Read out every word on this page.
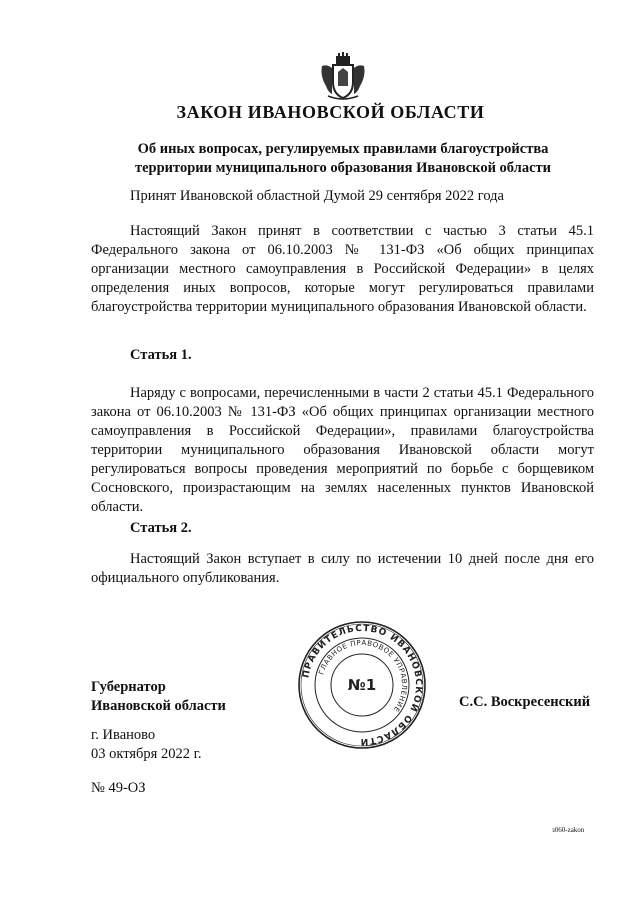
ЗАКОН ИВАНОВСКОЙ ОБЛАСТИ
Об иных вопросах, регулируемых правилами благоустройства
территории муниципального образования Ивановской области
Принят Ивановской областной Думой 29 сентября 2022 года

Настоящий Закон принят в соответствии с частью 3 статьи 45.1 Федерального закона от 06.10.2003 № 131-ФЗ «Об общих принципах организации местного самоуправления в Российской Федерации» в целях определения иных вопросов, которые могут регулироваться правилами благоустройства территории муниципального образования Ивановской области.

Статья 1.

Наряду с вопросами, перечисленными в части 2 статьи 45.1 Федерального закона от 06.10.2003 № 131-ФЗ «Об общих принципах организации местного самоуправления в Российской Федерации», правилами благоустройства территории муниципального образования Ивановской области могут регулироваться вопросы проведения мероприятий по борьбе с борщевиком Сосновского, произрастающим на землях населенных пунктов Ивановской области.

Статья 2.

Настоящий Закон вступает в силу по истечении 10 дней после дня его официального опубликования.

ПРАВИТЕЛЬСТВО ИВАНОВСКОЙ ОБЛАСТИ
ГЛАВНОЕ ПРАВОВОЕ УПРАВЛЕНИЕ
№1
Губернатор
Ивановской области	С.С. Воскресенский
г. Иваново
03 октября 2022 г.
№ 49-ОЗ
з060-zakon
